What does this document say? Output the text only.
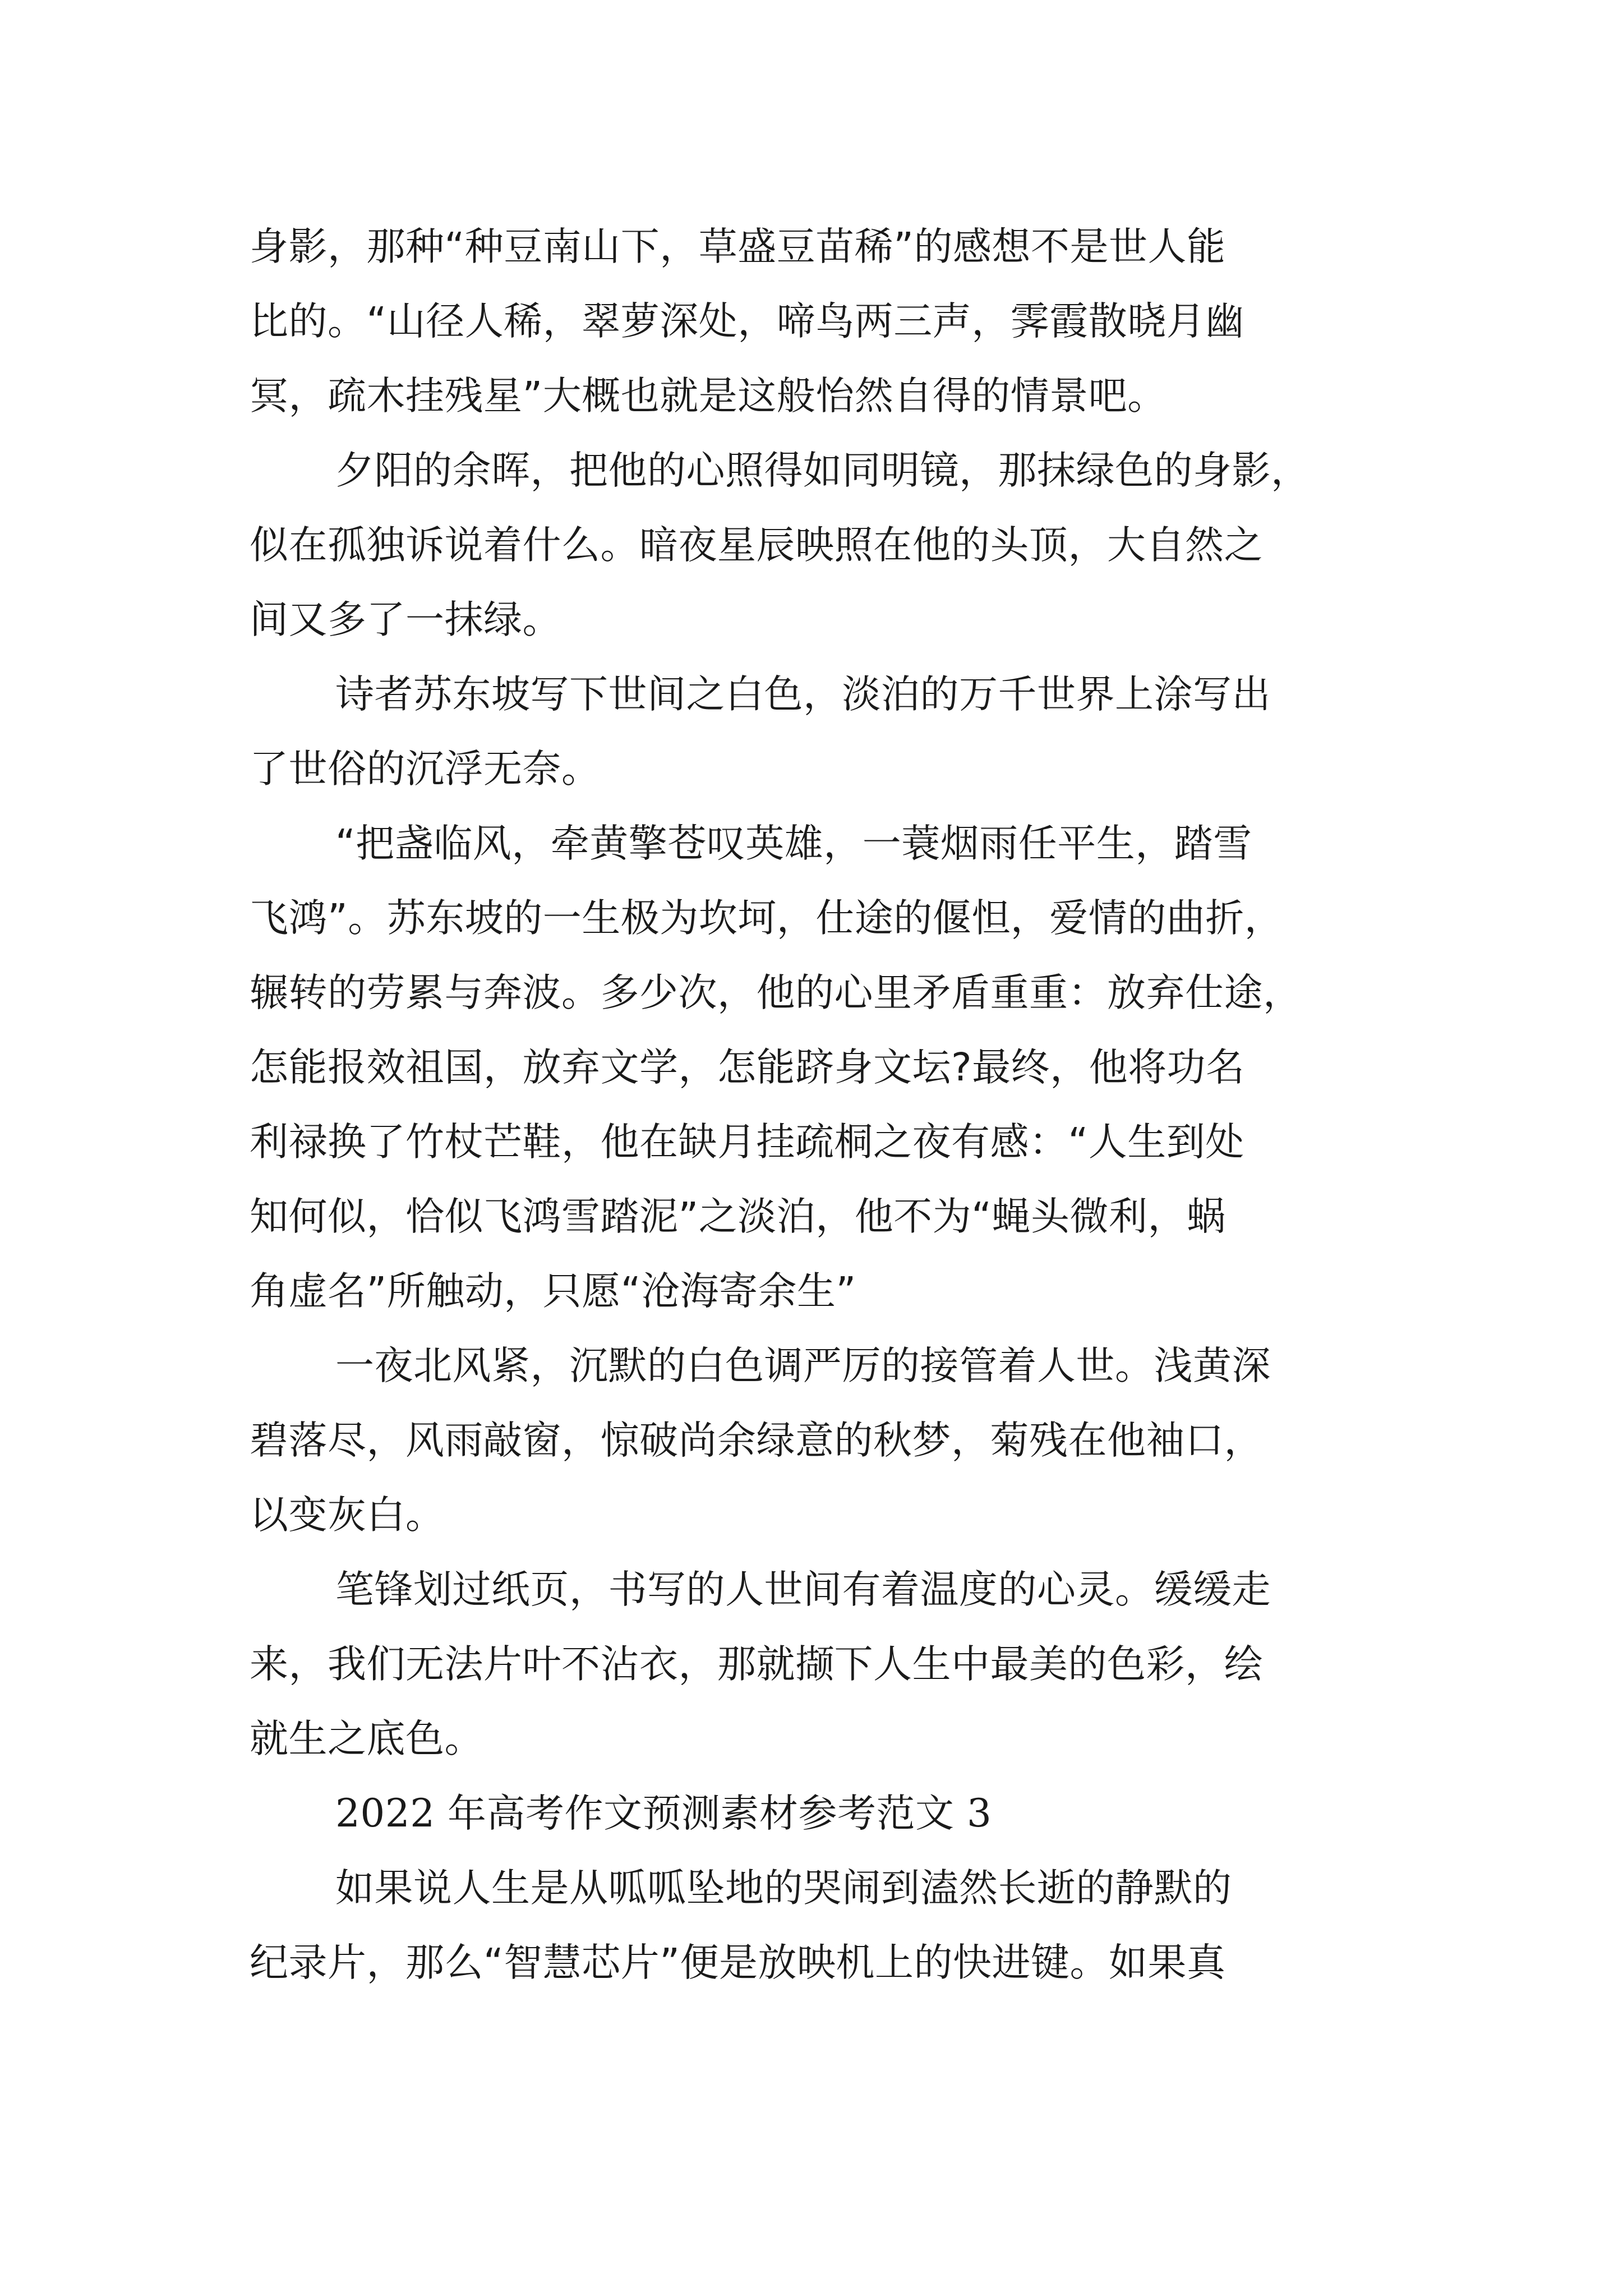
身影，那种“种豆南山下，草盛豆苗稀”的感想不是世人能
比的。“山径人稀，翠萝深处，啼鸟两三声，霁霞散晓月幽
冥，疏木挂残星”大概也就是这般怡然自得的情景吧。
夕阳的余晖，把他的心照得如同明镜，那抹绿色的身影，
似在孤独诉说着什么。暗夜星辰映照在他的头顶，大自然之
间又多了一抹绿。
诗者苏东坡写下世间之白色，淡泊的万千世界上涂写出
了世俗的沉浮无奈。
“把盏临风，牵黄擎苍叹英雄，一蓑烟雨任平生，踏雪
飞鸿”。苏东坡的一生极为坎坷，仕途的偃怛，爱情的曲折，
辗转的劳累与奔波。多少次，他的心里矛盾重重：放弃仕途，
怎能报效祖国，放弃文学，怎能跻身文坛?最终，他将功名
利禄换了竹杖芒鞋，他在缺月挂疏桐之夜有感：“人生到处
知何似，恰似飞鸿雪踏泥”之淡泊，他不为“蝇头微利，蜗
角虚名”所触动，只愿“沧海寄余生”
一夜北风紧，沉默的白色调严厉的接管着人世。浅黄深
碧落尽，风雨敲窗，惊破尚余绿意的秋梦，菊残在他袖口，
以变灰白。
笔锋划过纸页，书写的人世间有着温度的心灵。缓缓走
来，我们无法片叶不沾衣，那就撷下人生中最美的色彩，绘
就生之底色。
2022 年高考作文预测素材参考范文 3
如果说人生是从呱呱坠地的哭闹到溘然长逝的静默的
纪录片，那么“智慧芯片”便是放映机上的快进键。如果真
